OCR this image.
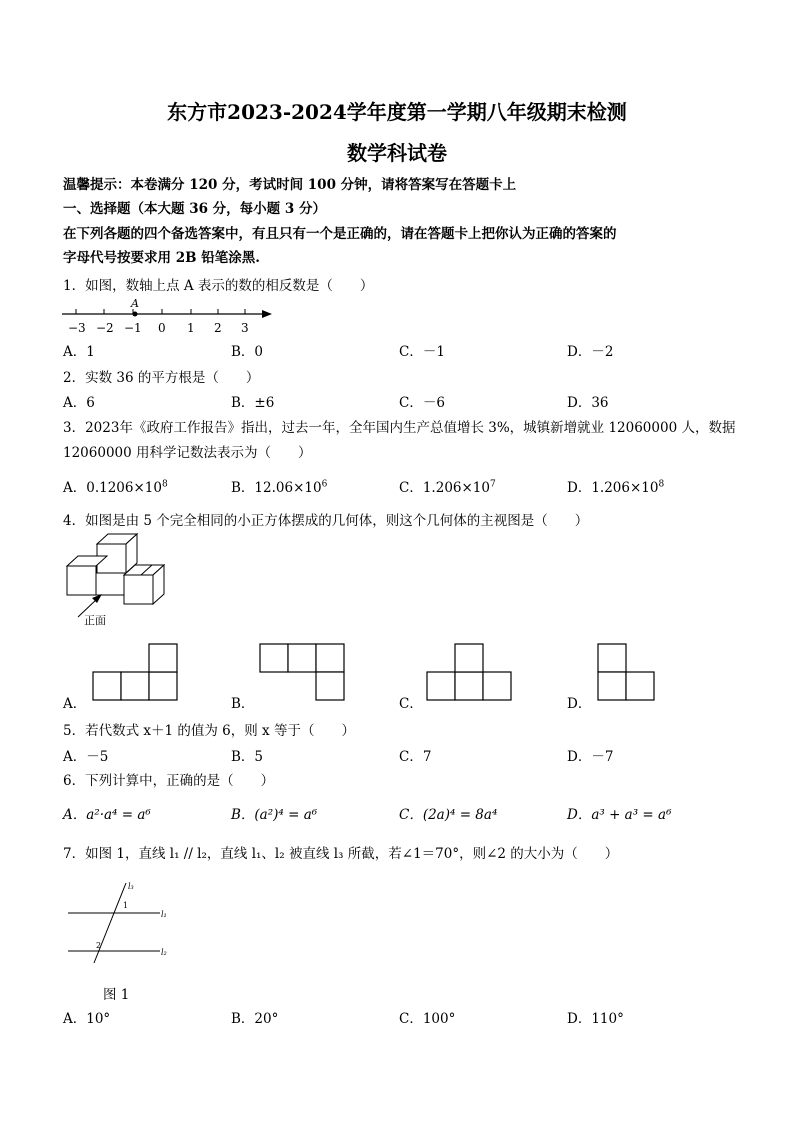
东方市2023-2024学年度第一学期八年级期末检测
数学科试卷
温馨提示：本卷满分 120 分，考试时间 100 分钟，请将答案写在答题卡上
一、选择题（本大题 36 分，每小题 3 分）
在下列各题的四个备选答案中，有且只有一个是正确的，请在答题卡上把你认为正确的答案的
字母代号按要求用 2B 铅笔涂黑.
1．如图，数轴上点 A 表示的数的相反数是（　　）
A
−3 −2 −1 0 1 2 3
A．1	B．0	C．－1	D．－2
2．实数 36 的平方根是（　　）
A．6	B．±6	C．－6	D．36
3．2023年《政府工作报告》指出，过去一年，全年国内生产总值增长 3%，城镇新增就业 12060000 人，数据
12060000 用科学记数法表示为（　　）
A．$0.1206\times 10^8$	B．$12.06\times 10^6$	C．$1.206\times 10^7$	D．$1.206\times 10^8$
4．如图是由 5 个完全相同的小正方体摆成的几何体，则这个几何体的主视图是（　　）
正面
A．	B．	C．	D．
5．若代数式 x＋1 的值为 6，则 x 等于（　　）
A．－5	B．5	C．7	D．－7
6．下列计算中，正确的是（　　）
A．a²·a⁴ = a⁶	B．(a²)⁴ = a⁶	C．(2a)⁴ = 8a⁴	D．a³ + a³ = a⁶
7．如图 1，直线 l₁ // l₂，直线 l₁、l₂ 被直线 l₃ 所截，若∠1＝70°，则∠2 的大小为（　　）
l₃
l₁
l₂
1
2
图 1
A．10°	B．20°	C．100°	D．110°
